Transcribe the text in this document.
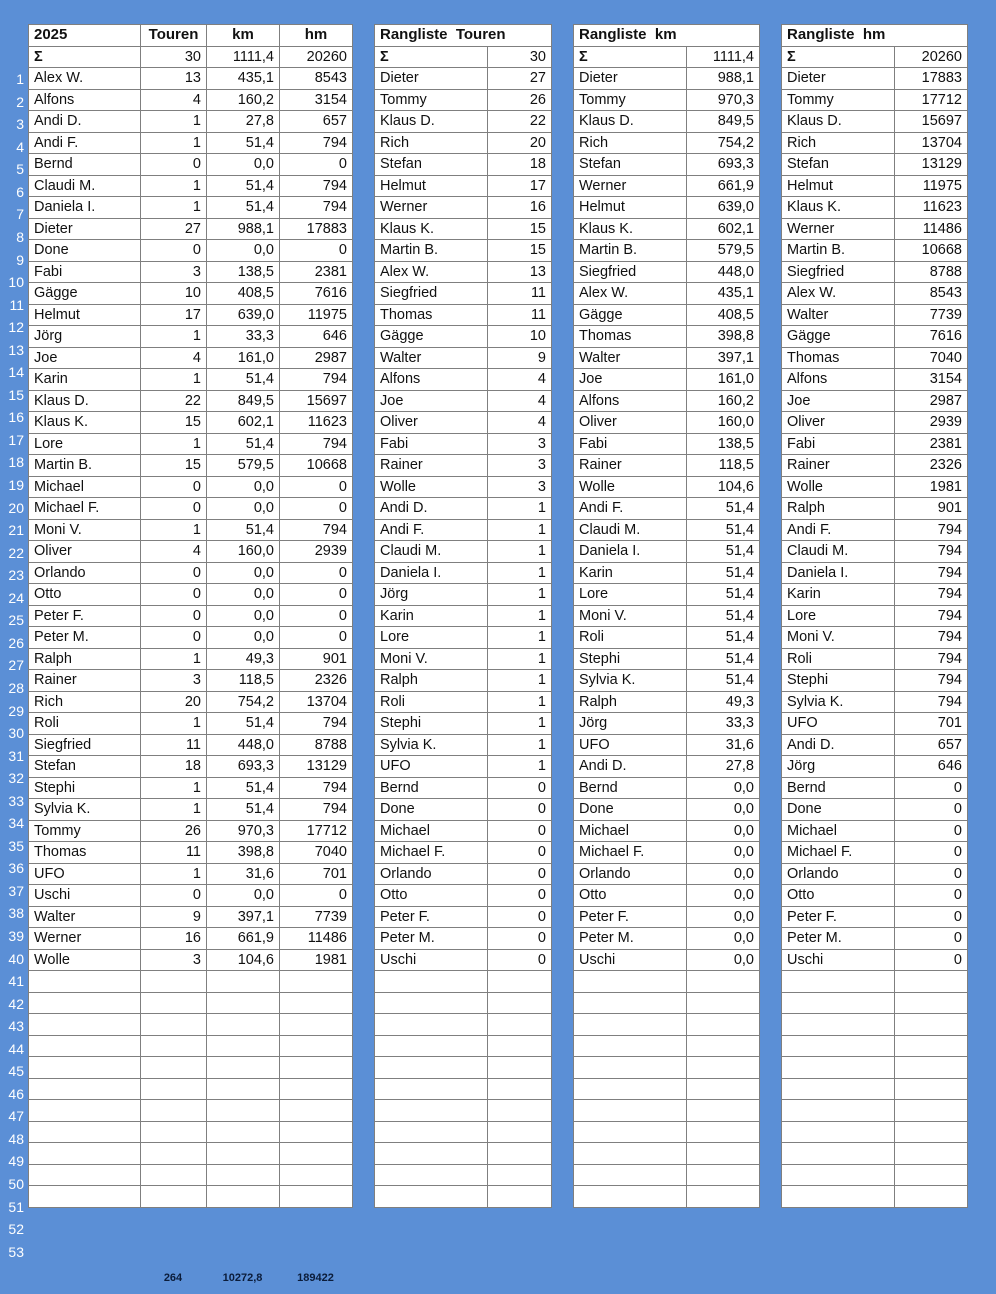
1
2
3
4
5
6
7
8
9
10
11
12
13
14
15
16
17
18
19
20
21
22
23
24
25
26
27
28
29
30
31
32
33
34
35
36
37
38
39
40
41
42
43
44
45
46
47
48
49
50
51
52
53
2025	Touren	km	hm
Σ	30	1111,4	20260
Alex W.	13	435,1	8543
Alfons	4	160,2	3154
Andi D.	1	27,8	657
Andi F.	1	51,4	794
Bernd	0	0,0	0
Claudi M.	1	51,4	794
Daniela I.	1	51,4	794
Dieter	27	988,1	17883
Done	0	0,0	0
Fabi	3	138,5	2381
Gägge	10	408,5	7616
Helmut	17	639,0	11975
Jörg	1	33,3	646
Joe	4	161,0	2987
Karin	1	51,4	794
Klaus D.	22	849,5	15697
Klaus K.	15	602,1	11623
Lore	1	51,4	794
Martin B.	15	579,5	10668
Michael	0	0,0	0
Michael F.	0	0,0	0
Moni V.	1	51,4	794
Oliver	4	160,0	2939
Orlando	0	0,0	0
Otto	0	0,0	0
Peter F.	0	0,0	0
Peter M.	0	0,0	0
Ralph	1	49,3	901
Rainer	3	118,5	2326
Rich	20	754,2	13704
Roli	1	51,4	794
Siegfried	11	448,0	8788
Stefan	18	693,3	13129
Stephi	1	51,4	794
Sylvia K.	1	51,4	794
Tommy	26	970,3	17712
Thomas	11	398,8	7040
UFO	1	31,6	701
Uschi	0	0,0	0
Walter	9	397,1	7739
Werner	16	661,9	11486
Wolle	3	104,6	1981

Rangliste  Touren	
Σ	30
Dieter	27
Tommy	26
Klaus D.	22
Rich	20
Stefan	18
Helmut	17
Werner	16
Klaus K.	15
Martin B.	15
Alex W.	13
Siegfried	11
Thomas	11
Gägge	10
Walter	9
Alfons	4
Joe	4
Oliver	4
Fabi	3
Rainer	3
Wolle	3
Andi D.	1
Andi F.	1
Claudi M.	1
Daniela I.	1
Jörg	1
Karin	1
Lore	1
Moni V.	1
Ralph	1
Roli	1
Stephi	1
Sylvia K.	1
UFO	1
Bernd	0
Done	0
Michael	0
Michael F.	0
Orlando	0
Otto	0
Peter F.	0
Peter M.	0
Uschi	0

Rangliste  km	
Σ	1111,4
Dieter	988,1
Tommy	970,3
Klaus D.	849,5
Rich	754,2
Stefan	693,3
Werner	661,9
Helmut	639,0
Klaus K.	602,1
Martin B.	579,5
Siegfried	448,0
Alex W.	435,1
Gägge	408,5
Thomas	398,8
Walter	397,1
Joe	161,0
Alfons	160,2
Oliver	160,0
Fabi	138,5
Rainer	118,5
Wolle	104,6
Andi F.	51,4
Claudi M.	51,4
Daniela I.	51,4
Karin	51,4
Lore	51,4
Moni V.	51,4
Roli	51,4
Stephi	51,4
Sylvia K.	51,4
Ralph	49,3
Jörg	33,3
UFO	31,6
Andi D.	27,8
Bernd	0,0
Done	0,0
Michael	0,0
Michael F.	0,0
Orlando	0,0
Otto	0,0
Peter F.	0,0
Peter M.	0,0
Uschi	0,0

Rangliste  hm	
Σ	20260
Dieter	17883
Tommy	17712
Klaus D.	15697
Rich	13704
Stefan	13129
Helmut	11975
Klaus K.	11623
Werner	11486
Martin B.	10668
Siegfried	8788
Alex W.	8543
Walter	7739
Gägge	7616
Thomas	7040
Alfons	3154
Joe	2987
Oliver	2939
Fabi	2381
Rainer	2326
Wolle	1981
Ralph	901
Andi F.	794
Claudi M.	794
Daniela I.	794
Karin	794
Lore	794
Moni V.	794
Roli	794
Stephi	794
Sylvia K.	794
UFO	701
Andi D.	657
Jörg	646
Bernd	0
Done	0
Michael	0
Michael F.	0
Orlando	0
Otto	0
Peter F.	0
Peter M.	0
Uschi	0

264	10272,8	189422
